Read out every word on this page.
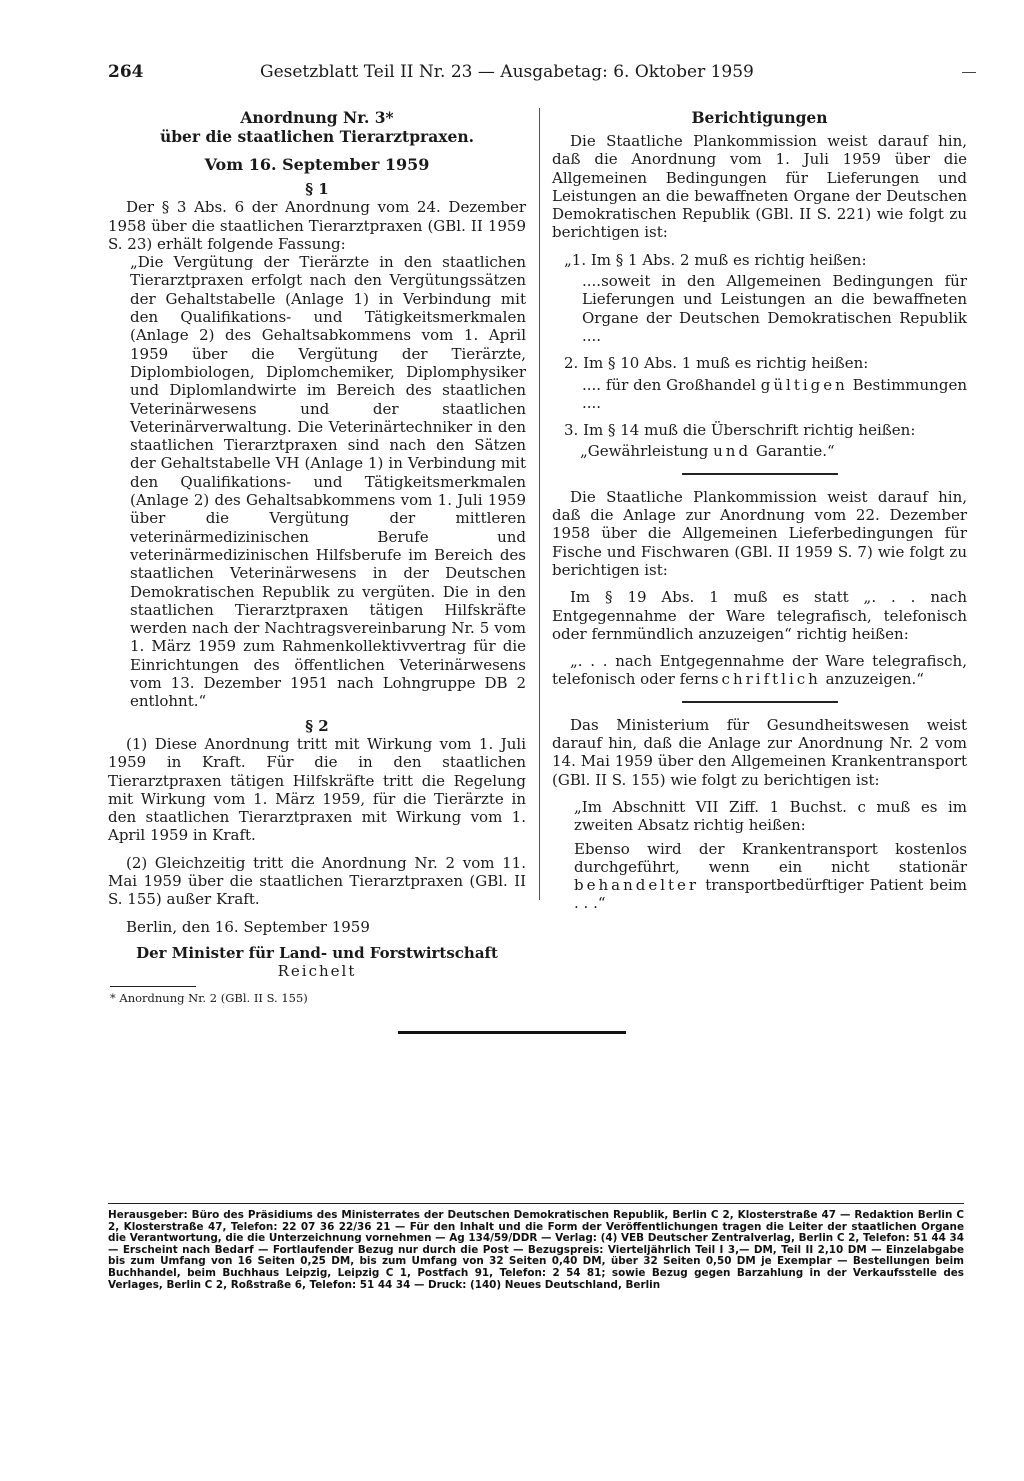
264	Gesetzblatt Teil II Nr. 23 — Ausgabetag: 6. Oktober 1959

Anordnung Nr. 3*

über die staatlichen Tierarztpraxen.

Vom 16. September 1959

§ 1

Der § 3 Abs. 6 der Anordnung vom 24. Dezember 1958 über die staatlichen Tierarztpraxen (GBl. II 1959 S. 23) erhält folgende Fassung:

„Die Vergütung der Tierärzte in den staatlichen Tierarztpraxen erfolgt nach den Vergütungssätzen der Gehaltstabelle (Anlage 1) in Verbindung mit den Qualifikations- und Tätigkeitsmerkmalen (Anlage 2) des Gehaltsabkommens vom 1. April 1959 über die Vergütung der Tierärzte, Diplombiologen, Diplomchemiker, Diplomphysiker und Diplomlandwirte im Bereich des staatlichen Veterinärwesens und der staatlichen Veterinärverwaltung. Die Veterinärtechniker in den staatlichen Tierarztpraxen sind nach den Sätzen der Gehaltstabelle VH (Anlage 1) in Verbindung mit den Qualifikations- und Tätigkeitsmerkmalen (Anlage 2) des Gehaltsabkommens vom 1. Juli 1959 über die Vergütung der mittleren veterinärmedizinischen Berufe und veterinärmedizinischen Hilfsberufe im Bereich des staatlichen Veterinärwesens in der Deutschen Demokratischen Republik zu vergüten. Die in den staatlichen Tierarztpraxen tätigen Hilfskräfte werden nach der Nachtragsvereinbarung Nr. 5 vom 1. März 1959 zum Rahmenkollektivvertrag für die Einrichtungen des öffentlichen Veterinärwesens vom 13. Dezember 1951 nach Lohngruppe DB 2 entlohnt.“

§ 2

(1) Diese Anordnung tritt mit Wirkung vom 1. Juli 1959 in Kraft. Für die in den staatlichen Tierarztpraxen tätigen Hilfskräfte tritt die Regelung mit Wirkung vom 1. März 1959, für die Tierärzte in den staatlichen Tierarztpraxen mit Wirkung vom 1. April 1959 in Kraft.

(2) Gleichzeitig tritt die Anordnung Nr. 2 vom 11. Mai 1959 über die staatlichen Tierarztpraxen (GBl. II S. 155) außer Kraft.

Berlin, den 16. September 1959

Der Minister für Land- und Forstwirtschaft

Reichelt

* Anordnung Nr. 2 (GBl. II S. 155)

Berichtigungen

Die Staatliche Plankommission weist darauf hin, daß die Anordnung vom 1. Juli 1959 über die Allgemeinen Bedingungen für Lieferungen und Leistungen an die bewaffneten Organe der Deutschen Demokratischen Republik (GBl. II S. 221) wie folgt zu berichtigen ist:

„1. Im § 1 Abs. 2 muß es richtig heißen:

....soweit in den Allgemeinen Bedingungen für Lieferungen und Leistungen an die bewaffneten Organe der Deutschen Demokratischen Republik ....

2. Im § 10 Abs. 1 muß es richtig heißen:

.... für den Großhandel gültigen Bestimmungen ....

3. Im § 14 muß die Überschrift richtig heißen:

„Gewährleistung und Garantie.“

Die Staatliche Plankommission weist darauf hin, daß die Anlage zur Anordnung vom 22. Dezember 1958 über die Allgemeinen Lieferbedingungen für Fische und Fischwaren (GBl. II 1959 S. 7) wie folgt zu berichtigen ist:

Im § 19 Abs. 1 muß es statt „. . . nach Entgegennahme der Ware telegrafisch, telefonisch oder fernmündlich anzuzeigen“ richtig heißen:

„. . . nach Entgegennahme der Ware telegrafisch, telefonisch oder fernschriftlich anzuzeigen.“

Das Ministerium für Gesundheitswesen weist darauf hin, daß die Anlage zur Anordnung Nr. 2 vom 14. Mai 1959 über den Allgemeinen Krankentransport (GBl. II S. 155) wie folgt zu berichtigen ist:

„Im Abschnitt VII Ziff. 1 Buchst. c muß es im zweiten Absatz richtig heißen:

Ebenso wird der Krankentransport kostenlos durchgeführt, wenn ein nicht stationär behandelter transportbedürftiger Patient beim . . .“

Herausgeber: Büro des Präsidiums des Ministerrates der Deutschen Demokratischen Republik, Berlin C 2, Klosterstraße 47 — Redaktion Berlin C 2, Klosterstraße 47, Telefon: 22 07 36 22/36 21 — Für den Inhalt und die Form der Veröffentlichungen tragen die Leiter der staatlichen Organe die Verantwortung, die die Unterzeichnung vornehmen — Ag 134/59/DDR — Verlag: (4) VEB Deutscher Zentralverlag, Berlin C 2, Telefon: 51 44 34 — Erscheint nach Bedarf — Fortlaufender Bezug nur durch die Post — Bezugspreis: Vierteljährlich Teil I 3,— DM, Teil II 2,10 DM — Einzelabgabe bis zum Umfang von 16 Seiten 0,25 DM, bis zum Umfang von 32 Seiten 0,40 DM, über 32 Seiten 0,50 DM je Exemplar — Bestellungen beim Buchhandel, beim Buchhaus Leipzig, Leipzig C 1, Postfach 91, Telefon: 2 54 81; sowie Bezug gegen Barzahlung in der Verkaufsstelle des Verlages, Berlin C 2, Roßstraße 6, Telefon: 51 44 34 — Druck: (140) Neues Deutschland, Berlin
